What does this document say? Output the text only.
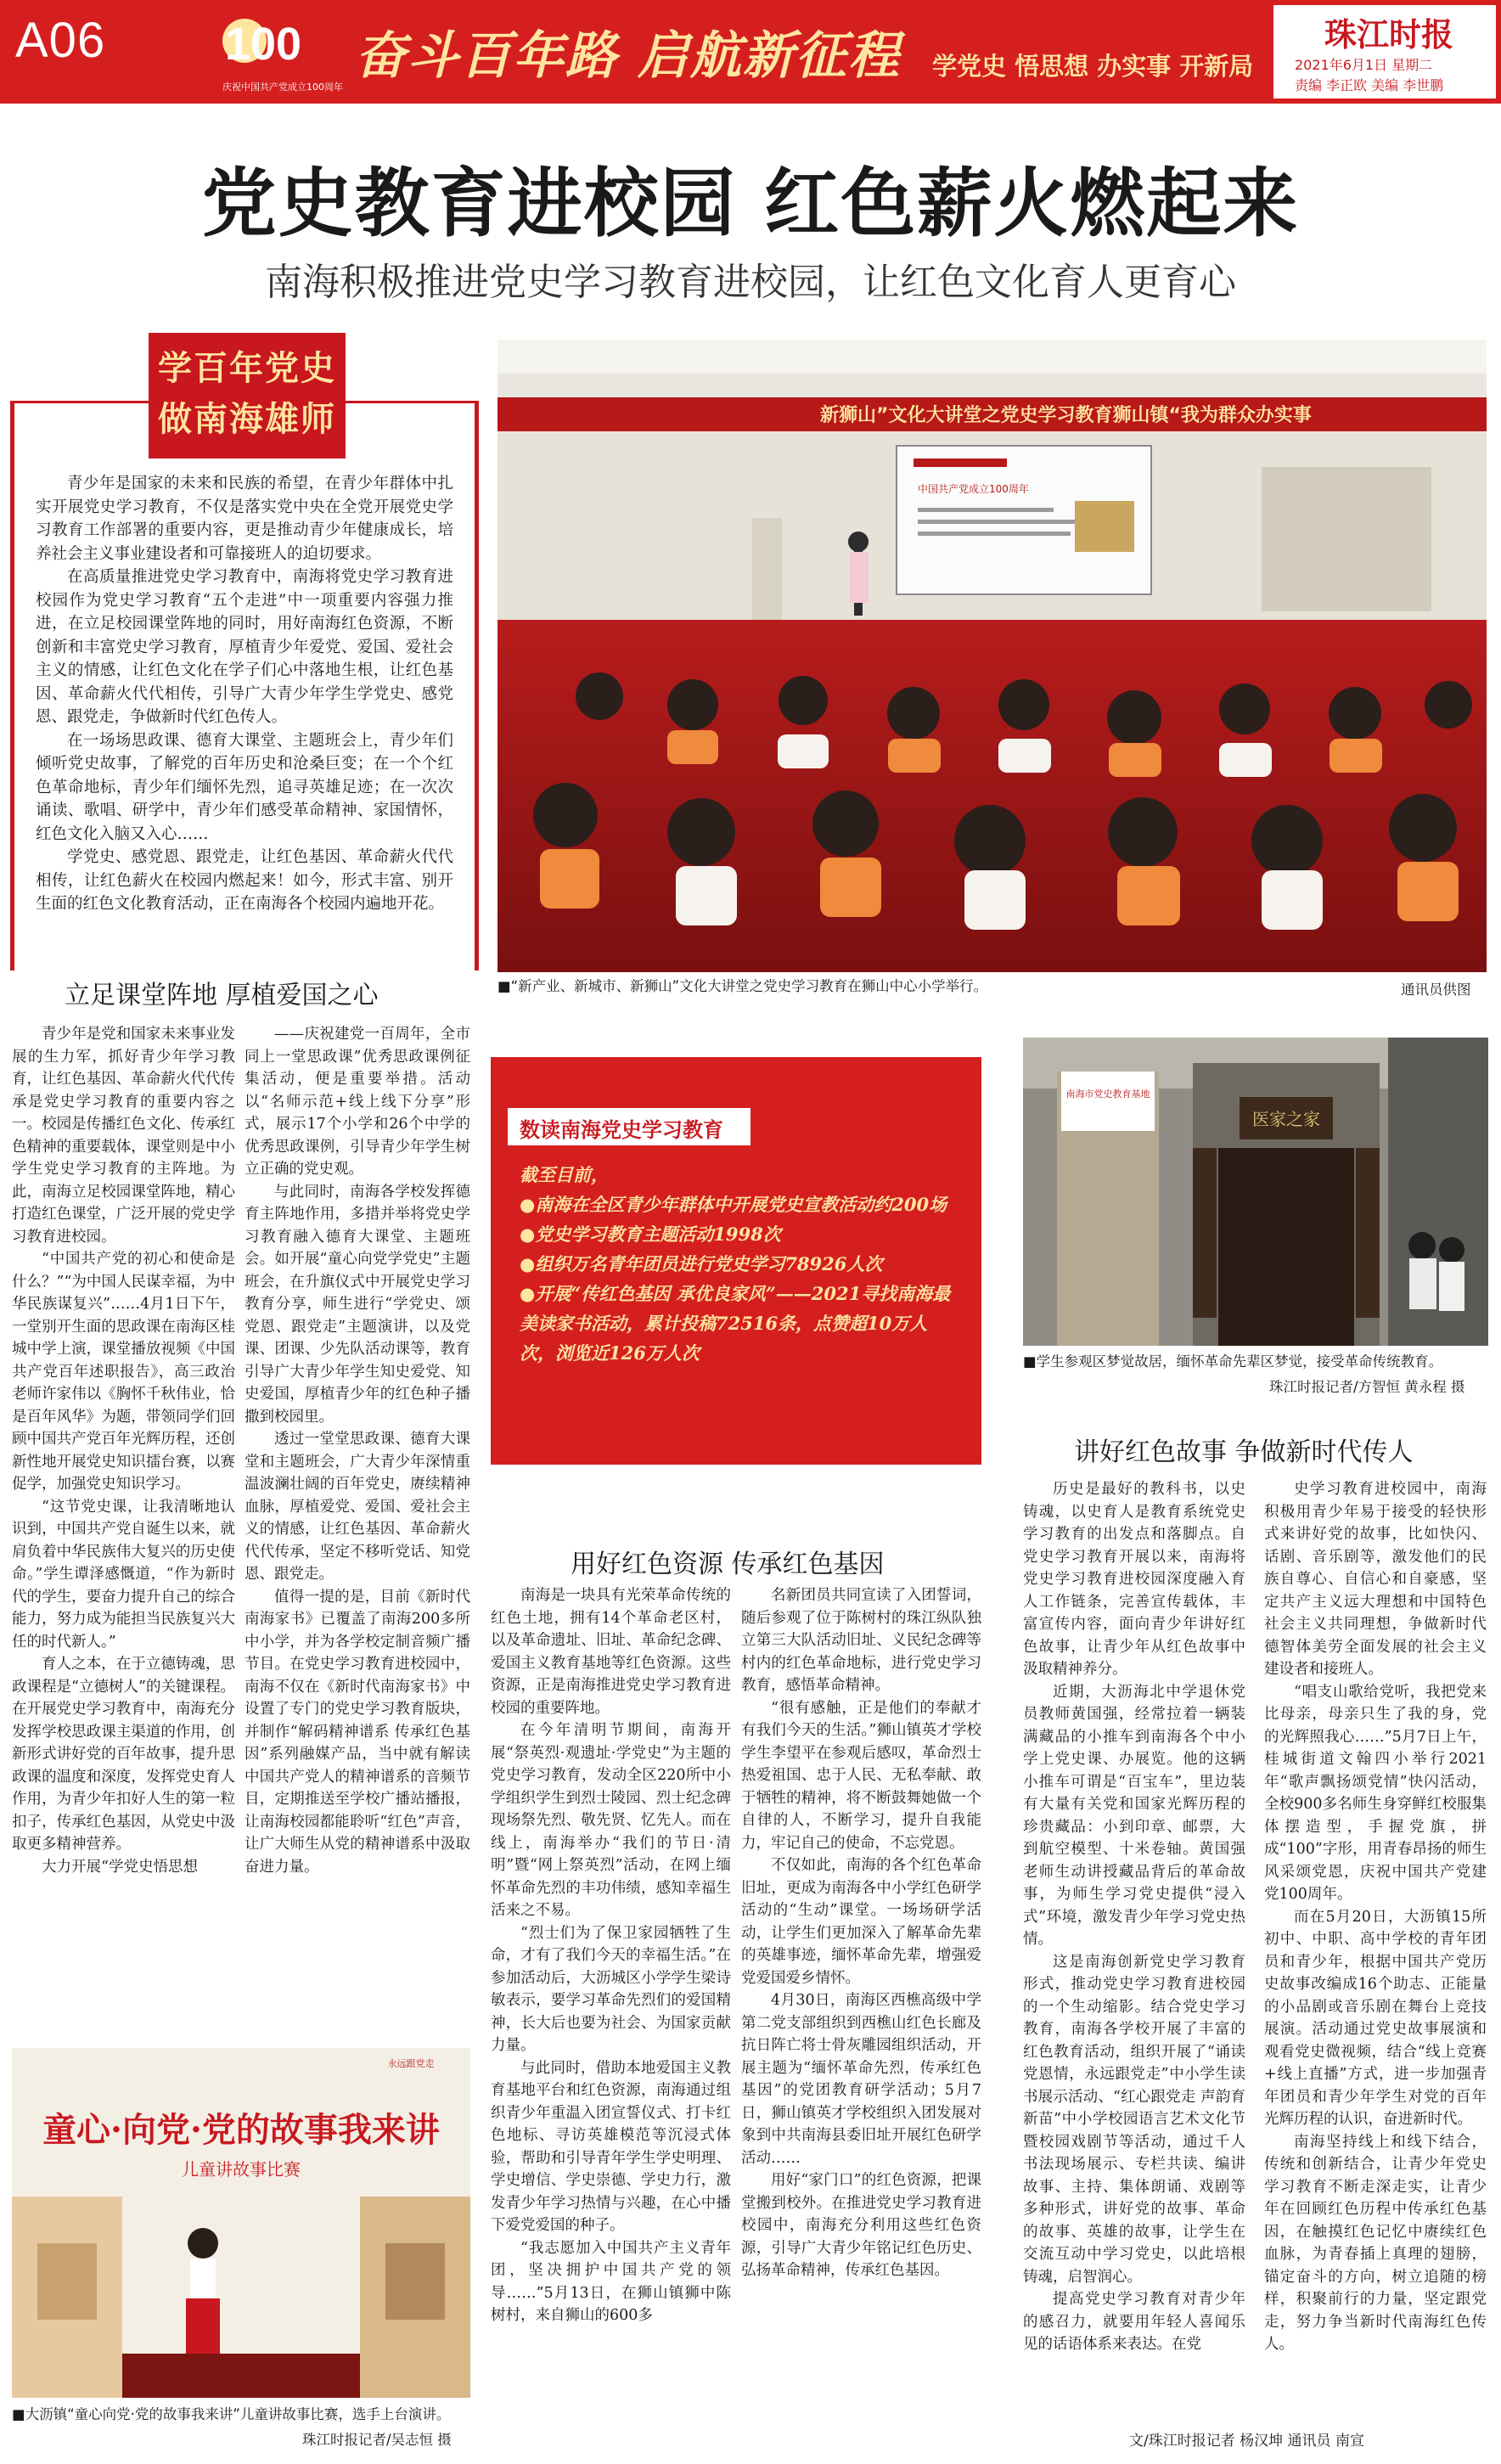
A06	100
庆祝中国共产党成立100周年
奋斗百年路 启航新征程 学党史 悟思想 办实事 开新局
珠江时报
2021年6月1日 星期二
责编 李正欧 美编 李世鹏
党史教育进校园 红色薪火燃起来
南海积极推进党史学习教育进校园，让红色文化育人更育心
学百年党史
做南海雄师

青少年是国家的未来和民族的希望，在青少年群体中扎实开展党史学习教育，不仅是落实党中央在全党开展党史学习教育工作部署的重要内容，更是推动青少年健康成长，培养社会主义事业建设者和可靠接班人的迫切要求。

在高质量推进党史学习教育中，南海将党史学习教育进校园作为党史学习教育“五个走进”中一项重要内容强力推进，在立足校园课堂阵地的同时，用好南海红色资源，不断创新和丰富党史学习教育，厚植青少年爱党、爱国、爱社会主义的情感，让红色文化在学子们心中落地生根，让红色基因、革命薪火代代相传，引导广大青少年学生学党史、感党恩、跟党走，争做新时代红色传人。

在一场场思政课、德育大课堂、主题班会上，青少年们倾听党史故事，了解党的百年历史和沧桑巨变；在一个个红色革命地标，青少年们缅怀先烈，追寻英雄足迹；在一次次诵读、歌唱、研学中，青少年们感受革命精神、家国情怀，红色文化入脑又入心……

学党史、感党恩、跟党走，让红色基因、革命薪火代代相传，让红色薪火在校园内燃起来！如今，形式丰富、别开生面的红色文化教育活动，正在南海各个校园内遍地开花。

新狮山”文化大讲堂之党史学习教育狮山镇“我为群众办实事
中国共产党成立100周年
■“新产业、新城市、新狮山”文化大讲堂之党史学习教育在狮山中心小学举行。	通讯员供图
立足课堂阵地 厚植爱国之心

青少年是党和国家未来事业发展的生力军，抓好青少年学习教育，让红色基因、革命薪火代代传承是党史学习教育的重要内容之一。校园是传播红色文化、传承红色精神的重要载体，课堂则是中小学生党史学习教育的主阵地。为此，南海立足校园课堂阵地，精心打造红色课堂，广泛开展的党史学习教育进校园。

“中国共产党的初心和使命是什么？”“为中国人民谋幸福，为中华民族谋复兴”……4月1日下午，一堂别开生面的思政课在南海区桂城中学上演，课堂播放视频《中国共产党百年述职报告》，高三政治老师许家伟以《胸怀千秋伟业，恰是百年风华》为题，带领同学们回顾中国共产党百年光辉历程，还创新性地开展党史知识擂台赛，以赛促学，加强党史知识学习。

“这节党史课，让我清晰地认识到，中国共产党自诞生以来，就肩负着中华民族伟大复兴的历史使命。”学生谭泽感慨道，“作为新时代的学生，要奋力提升自己的综合能力，努力成为能担当民族复兴大任的时代新人。”

育人之本，在于立德铸魂，思政课程是“立德树人”的关键课程。在开展党史学习教育中，南海充分发挥学校思政课主渠道的作用，创新形式讲好党的百年故事，提升思政课的温度和深度，发挥党史育人作用，为青少年扣好人生的第一粒扣子，传承红色基因，从党史中汲取更多精神营养。

大力开展“学党史悟思想

——庆祝建党一百周年，全市同上一堂思政课”优秀思政课例征集活动，便是重要举措。活动以“名师示范+线上线下分享”形式，展示17个小学和26个中学的优秀思政课例，引导青少年学生树立正确的党史观。

与此同时，南海各学校发挥德育主阵地作用，多措并举将党史学习教育融入德育大课堂、主题班会。如开展“童心向党学党史”主题班会，在升旗仪式中开展党史学习教育分享，师生进行“学党史、颂党恩、跟党走”主题演讲，以及党课、团课、少先队活动课等，教育引导广大青少年学生知史爱党、知史爱国，厚植青少年的红色种子播撒到校园里。

透过一堂堂思政课、德育大课堂和主题班会，广大青少年深情重温波澜壮阔的百年党史，赓续精神血脉，厚植爱党、爱国、爱社会主义的情感，让红色基因、革命薪火代代传承，坚定不移听党话、知党恩、跟党走。

值得一提的是，目前《新时代南海家书》已覆盖了南海200多所中小学，并为各学校定制音频广播节目。在党史学习教育进校园中，南海不仅在《新时代南海家书》中设置了专门的党史学习教育版块，并制作“解码精神谱系 传承红色基因”系列融媒产品，当中就有解读中国共产党人的精神谱系的音频节目，定期推送至学校广播站播报，让南海校园都能聆听“红色”声音，让广大师生从党的精神谱系中汲取奋进力量。

数读南海党史学习教育
截至目前，
●南海在全区青少年群体中开展党史宣教活动约200场
●党史学习教育主题活动1998次
●组织万名青年团员进行党史学习78926人次
●开展“传红色基因 承优良家风”——2021寻找南海最美读家书活动，累计投稿72516条，点赞超10万人次，浏览近126万人次
用好红色资源 传承红色基因

南海是一块具有光荣革命传统的红色土地，拥有14个革命老区村，以及革命遗址、旧址、革命纪念碑、爱国主义教育基地等红色资源。这些资源，正是南海推进党史学习教育进校园的重要阵地。

在今年清明节期间，南海开展“祭英烈·观遗址·学党史”为主题的党史学习教育，发动全区220所中小学组织学生到烈士陵园、烈士纪念碑现场祭先烈、敬先贤、忆先人。而在线上，南海举办“我们的节日·清明”暨“网上祭英烈”活动，在网上缅怀革命先烈的丰功伟绩，感知幸福生活来之不易。

“烈士们为了保卫家园牺牲了生命，才有了我们今天的幸福生活。”在参加活动后，大沥城区小学学生梁诗敏表示，要学习革命先烈们的爱国精神，长大后也要为社会、为国家贡献力量。

与此同时，借助本地爱国主义教育基地平台和红色资源，南海通过组织青少年重温入团宣誓仪式、打卡红色地标、寻访英雄模范等沉浸式体验，帮助和引导青年学生学史明理、学史增信、学史崇德、学史力行，激发青少年学习热情与兴趣，在心中播下爱党爱国的种子。

“我志愿加入中国共产主义青年团，坚决拥护中国共产党的领导……”5月13日，在狮山镇狮中陈树村，来自狮山的600多

名新团员共同宣读了入团誓词，随后参观了位于陈树村的珠江纵队独立第三大队活动旧址、义民纪念碑等村内的红色革命地标，进行党史学习教育，感悟革命精神。

“很有感触，正是他们的奉献才有我们今天的生活。”狮山镇英才学校学生李望平在参观后感叹，革命烈士热爱祖国、忠于人民、无私奉献、敢于牺牲的精神，将不断鼓舞她做一个自律的人，不断学习，提升自我能力，牢记自己的使命，不忘党恩。

不仅如此，南海的各个红色革命旧址，更成为南海各中小学红色研学活动的“生动”课堂。一场场研学活动，让学生们更加深入了解革命先辈的英雄事迹，缅怀革命先辈，增强爱党爱国爱乡情怀。

4月30日，南海区西樵高级中学第二党支部组织到西樵山红色长廊及抗日阵亡将士骨灰雕园组织活动，开展主题为“缅怀革命先烈，传承红色基因”的党团教育研学活动；5月7日，狮山镇英才学校组织入团发展对象到中共南海县委旧址开展红色研学活动……

用好“家门口”的红色资源，把课堂搬到校外。在推进党史学习教育进校园中，南海充分利用这些红色资源，引导广大青少年铭记红色历史、弘扬革命精神，传承红色基因。

医家之家
南海市党史教育基地
■学生参观区梦觉故居，缅怀革命先辈区梦觉，接受革命传统教育。
珠江时报记者/方智恒 黄永程 摄
讲好红色故事 争做新时代传人

历史是最好的教科书，以史铸魂，以史育人是教育系统党史学习教育的出发点和落脚点。自党史学习教育开展以来，南海将党史学习教育进校园深度融入育人工作链条，完善宣传载体，丰富宣传内容，面向青少年讲好红色故事，让青少年从红色故事中汲取精神养分。

近期，大沥海北中学退休党员教师黄国强，经常拉着一辆装满藏品的小推车到南海各个中小学上党史课、办展览。他的这辆小推车可谓是“百宝车”，里边装有大量有关党和国家光辉历程的珍贵藏品：小到印章、邮票，大到航空模型、十米卷轴。黄国强老师生动讲授藏品背后的革命故事，为师生学习党史提供“浸入式”环境，激发青少年学习党史热情。

这是南海创新党史学习教育形式，推动党史学习教育进校园的一个生动缩影。结合党史学习教育，南海各学校开展了丰富的红色教育活动，组织开展了“诵读党恩情，永远跟党走”中小学生读书展示活动、“红心跟党走 声韵育新苗”中小学校园语言艺术文化节暨校园戏剧节等活动，通过千人书法现场展示、专栏共读、编讲故事、主持、集体朗诵、戏剧等多种形式，讲好党的故事、革命的故事、英雄的故事，让学生在交流互动中学习党史，以此培根铸魂，启智润心。

提高党史学习教育对青少年的感召力，就要用年轻人喜闻乐见的话语体系来表达。在党

史学习教育进校园中，南海积极用青少年易于接受的轻快形式来讲好党的故事，比如快闪、话剧、音乐剧等，激发他们的民族自尊心、自信心和自豪感，坚定共产主义远大理想和中国特色社会主义共同理想，争做新时代德智体美劳全面发展的社会主义建设者和接班人。

“唱支山歌给党听，我把党来比母亲，母亲只生了我的身，党的光辉照我心……”5月7日上午，桂城街道文翰四小举行2021年“歌声飘扬颂党情”快闪活动，全校900多名师生身穿鲜红校服集体摆造型，手握党旗，拼成“100”字形，用青春昂扬的师生风采颂党恩，庆祝中国共产党建党100周年。

而在5月20日，大沥镇15所初中、中职、高中学校的青年团员和青少年，根据中国共产党历史故事改编成16个助志、正能量的小品剧或音乐剧在舞台上竞技展演。活动通过党史故事展演和观看党史微视频，结合“线上竞赛+线上直播”方式，进一步加强青年团员和青少年学生对党的百年光辉历程的认识，奋进新时代。

南海坚持线上和线下结合，传统和创新结合，让青少年党史学习教育不断走深走实，让青少年在回顾红色历程中传承红色基因，在触摸红色记忆中赓续红色血脉，为青春插上真理的翅膀，锚定奋斗的方向，树立追随的榜样，积聚前行的力量，坚定跟党走，努力争当新时代南海红色传人。

永远跟党走
童心·向党·党的故事我来讲
儿童讲故事比赛
■大沥镇“童心向党·党的故事我来讲”儿童讲故事比赛，选手上台演讲。
珠江时报记者/吴志恒 摄	文/珠江时报记者 杨汉坤 通讯员 南宣
